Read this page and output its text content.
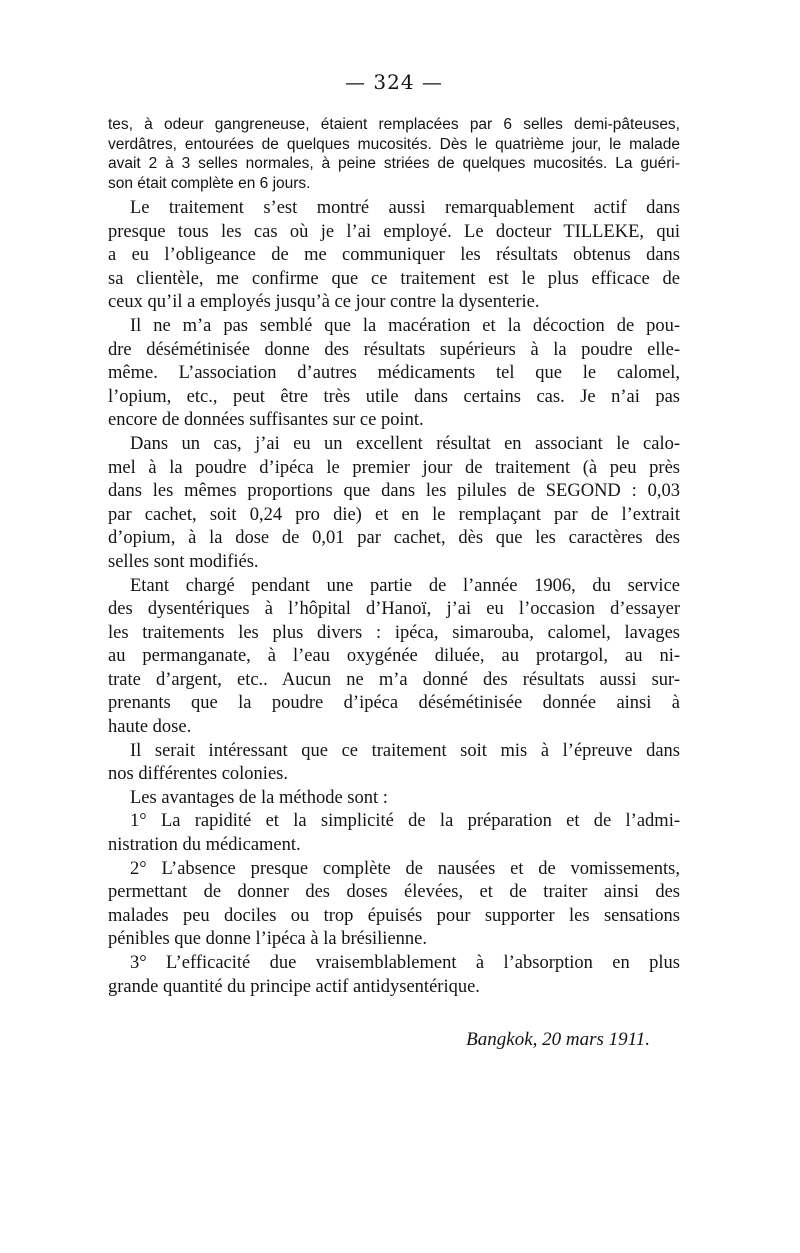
— 324 —
tes, à odeur gangreneuse, étaient remplacées par 6 selles demi-pâteuses,
verdâtres, entourées de quelques mucosités. Dès le quatrième jour, le malade
avait 2 à 3 selles normales, à peine striées de quelques mucosités. La guéri-
son était complète en 6 jours.
Le traitement s’est montré aussi remarquablement actif dans
presque tous les cas où je l’ai employé. Le docteur TILLEKE, qui
a eu l’obligeance de me communiquer les résultats obtenus dans
sa clientèle, me confirme que ce traitement est le plus efficace de
ceux qu’il a employés jusqu’à ce jour contre la dysenterie.
Il ne m’a pas semblé que la macération et la décoction de pou-
dre désémétinisée donne des résultats supérieurs à la poudre elle-
même. L’association d’autres médicaments tel que le calomel,
l’opium, etc., peut être très utile dans certains cas. Je n’ai pas
encore de données suffisantes sur ce point.
Dans un cas, j’ai eu un excellent résultat en associant le calo-
mel à la poudre d’ipéca le premier jour de traitement (à peu près
dans les mêmes proportions que dans les pilules de SEGOND : 0,03
par cachet, soit 0,24 pro die) et en le remplaçant par de l’extrait
d’opium, à la dose de 0,01 par cachet, dès que les caractères des
selles sont modifiés.
Etant chargé pendant une partie de l’année 1906, du service
des dysentériques à l’hôpital d’Hanoï, j’ai eu l’occasion d’essayer
les traitements les plus divers : ipéca, simarouba, calomel, lavages
au permanganate, à l’eau oxygénée diluée, au protargol, au ni-
trate d’argent, etc.. Aucun ne m’a donné des résultats aussi sur-
prenants que la poudre d’ipéca désémétinisée donnée ainsi à
haute dose.
Il serait intéressant que ce traitement soit mis à l’épreuve dans
nos différentes colonies.
Les avantages de la méthode sont :
1° La rapidité et la simplicité de la préparation et de l’admi-
nistration du médicament.
2° L’absence presque complète de nausées et de vomissements,
permettant de donner des doses élevées, et de traiter ainsi des
malades peu dociles ou trop épuisés pour supporter les sensations
pénibles que donne l’ipéca à la brésilienne.
3° L’efficacité due vraisemblablement à l’absorption en plus
grande quantité du principe actif antidysentérique.
Bangkok, 20 mars 1911.
